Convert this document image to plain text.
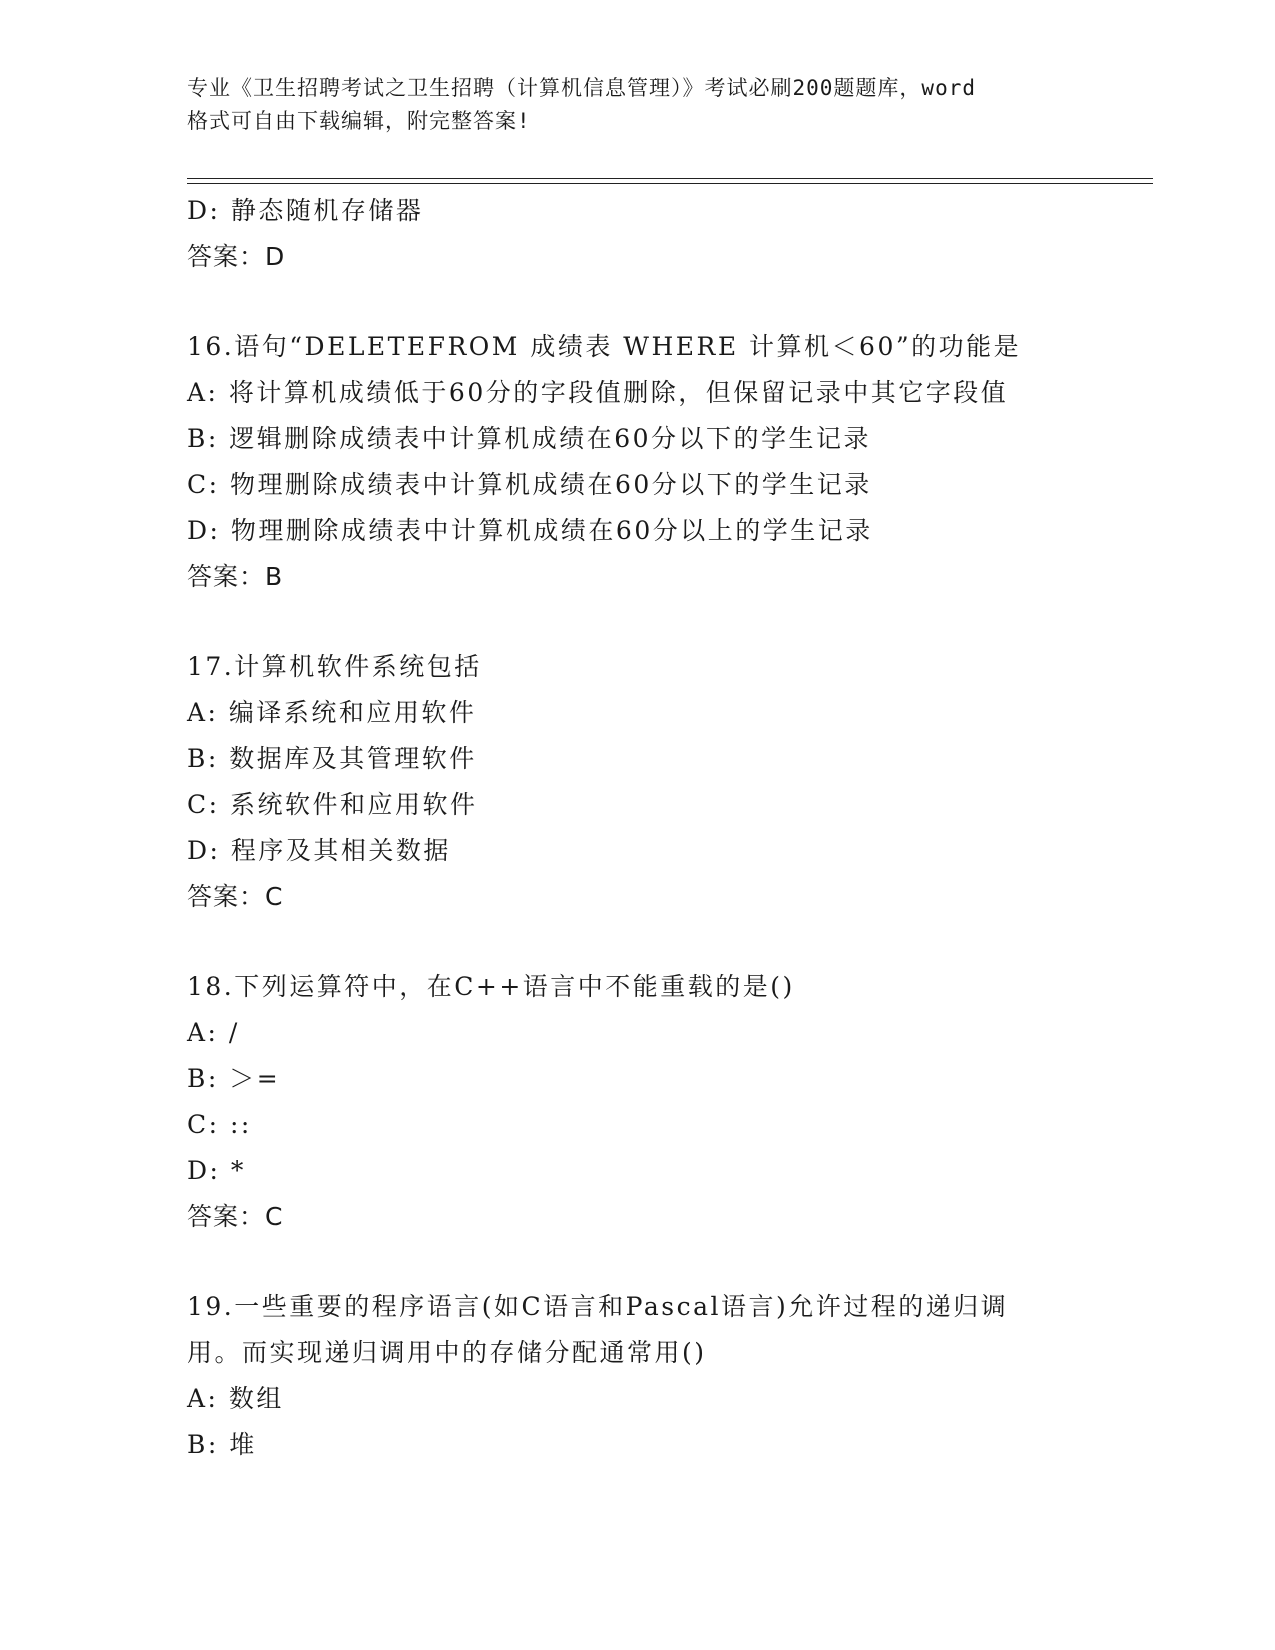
专业《卫生招聘考试之卫生招聘（计算机信息管理）》考试必刷200题题库，word
格式可自由下载编辑，附完整答案!
D: 静态随机存储器
答案：D
16.语句“DELETEFROM 成绩表 WHERE 计算机＜60”的功能是
A: 将计算机成绩低于60分的字段值删除，但保留记录中其它字段值
B: 逻辑删除成绩表中计算机成绩在60分以下的学生记录
C: 物理删除成绩表中计算机成绩在60分以下的学生记录
D: 物理删除成绩表中计算机成绩在60分以上的学生记录
答案：B
17.计算机软件系统包括
A: 编译系统和应用软件
B: 数据库及其管理软件
C: 系统软件和应用软件
D: 程序及其相关数据
答案：C
18.下列运算符中，在C++语言中不能重载的是()
A: /
B: ＞=
C: ::
D: *
答案：C
19.一些重要的程序语言(如C语言和Pascal语言)允许过程的递归调
用。而实现递归调用中的存储分配通常用()
A: 数组
B: 堆
